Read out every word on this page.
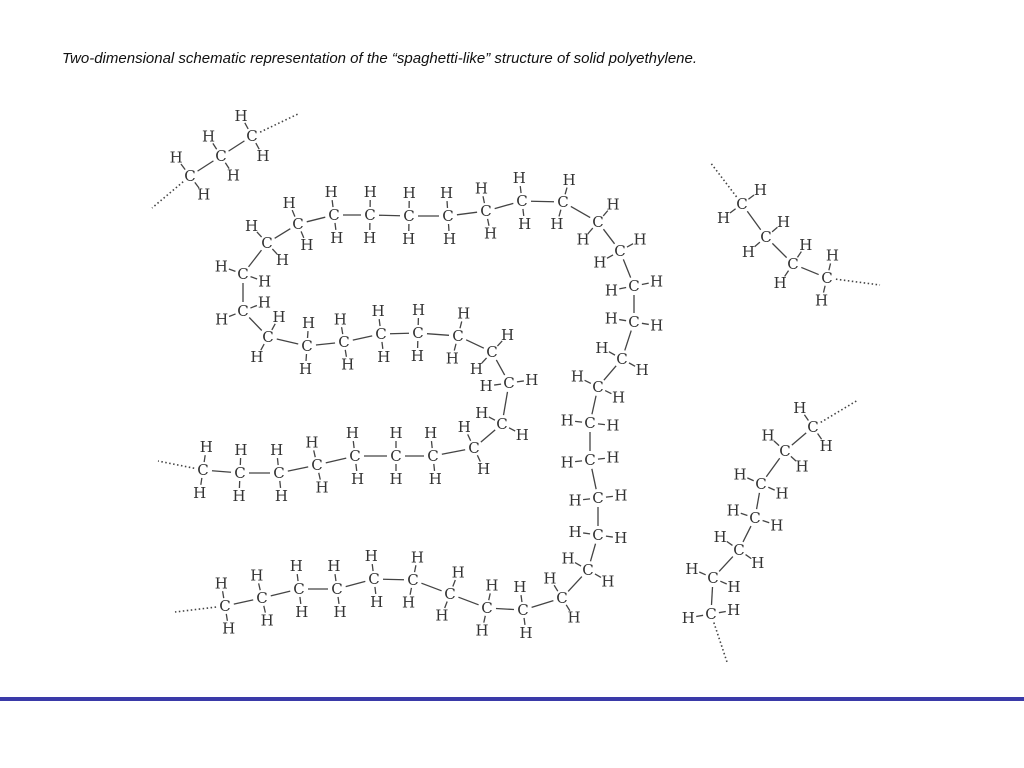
Two-dimensional schematic representation of the “spaghetti-like” structure of solid polyethylene.
H
H
C H
H
C H
H
C
H
H
C
H
H
C
H
H
C
H
H
C
H
H
C
H
H
C
H
H
C
H
H
C
H
H
C	H
H
C
H
H
C
H
H C
H
H C
H
H C
H
H C
H
H
C
H
H
C
H
H C
H
H C
H
H
C
H
H
C
H
H
C
H
H
C
H
H
C
H
H
C
H
H
C
H
H
C
H
H
C
H
H
C
H
H
C
H
H
C
H
H
C
H
H
C
H
H
C
H
H
C
H
H
C
H
H
C
H
H
C
H
H
C
H H
C
H
H
C
H
H
C
H
H
C
H
H
C
H
H
C
H
H
C
H
H
C
H
H
C
H
H
C
H
H
C
H
H
C
H
H
C
H
H
C
H
H C
H
H
C
H
H
C
H
H C
H
H
C
H
H
C H
H
C
